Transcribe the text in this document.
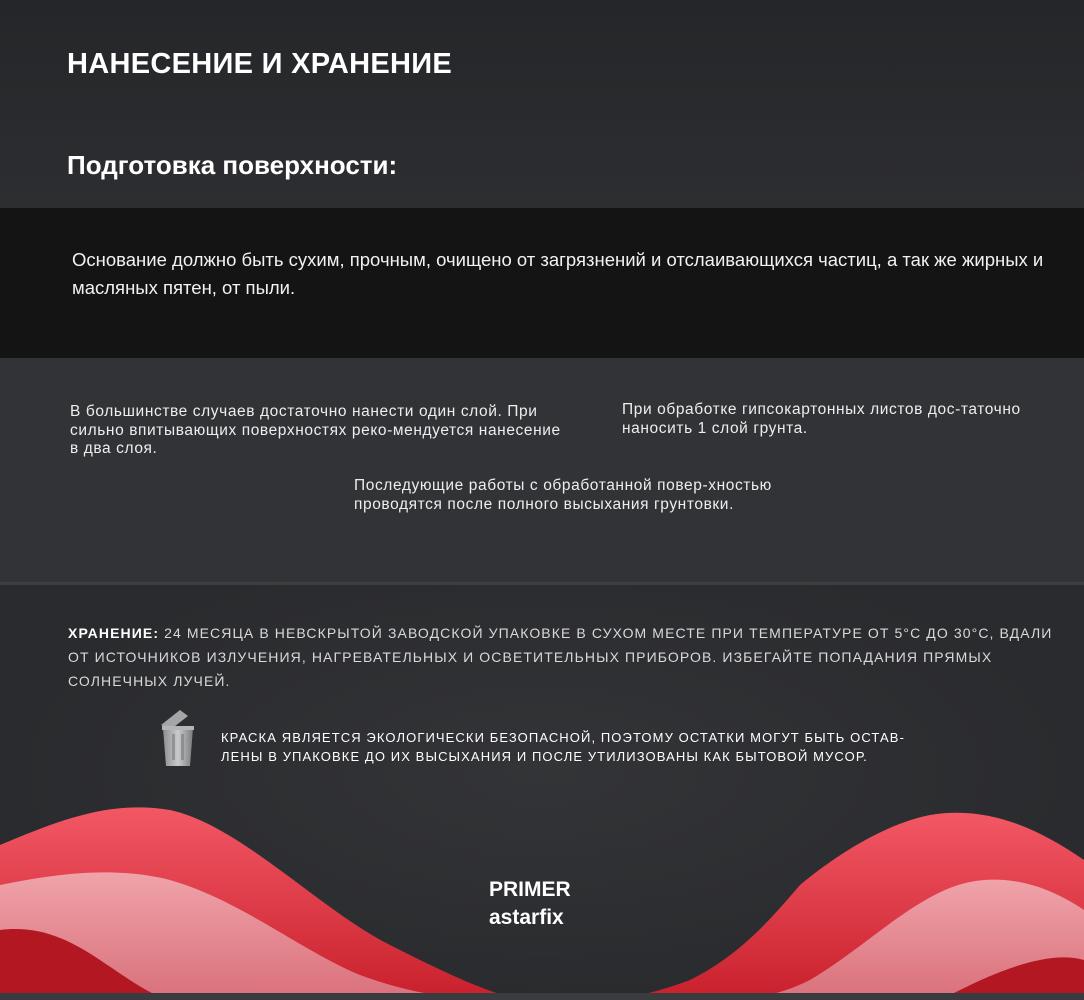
НАНЕСЕНИЕ И ХРАНЕНИЕ
Подготовка поверхности:

Основание должно быть сухим, прочным, очищено от загрязнений и отслаивающихся частиц, а так же жирных и масляных пятен, от пыли.

В большинстве случаев достаточно нанести один слой. При сильно впитывающих поверхностях реко-мендуется нанесение в два слоя.

При обработке гипсокартонных листов дос-таточно наносить 1 слой грунта.

Последующие работы с обработанной повер-хностью проводятся после полного высыхания грунтовки.

ХРАНЕНИЕ: 24 МЕСЯЦА В НЕВСКРЫТОЙ ЗАВОДСКОЙ УПАКОВКЕ В СУХОМ МЕСТЕ ПРИ ТЕМПЕРАТУРЕ ОТ 5°С ДО 30°С, ВДАЛИ ОТ ИСТОЧНИКОВ ИЗЛУЧЕНИЯ, НАГРЕВАТЕЛЬНЫХ И ОСВЕТИТЕЛЬНЫХ ПРИБОРОВ. ИЗБЕГАЙТЕ ПОПАДАНИЯ ПРЯМЫХ СОЛНЕЧНЫХ ЛУЧЕЙ.

КРАСКА ЯВЛЯЕТСЯ ЭКОЛОГИЧЕСКИ БЕЗОПАСНОЙ, ПОЭТОМУ ОСТАТКИ МОГУТ БЫТЬ ОСТАВ-ЛЕНЫ В УПАКОВКЕ ДО ИХ ВЫСЫХАНИЯ И ПОСЛЕ УТИЛИЗОВАНЫ КАК БЫТОВОЙ МУСОР.

PRIMER

astarfix
